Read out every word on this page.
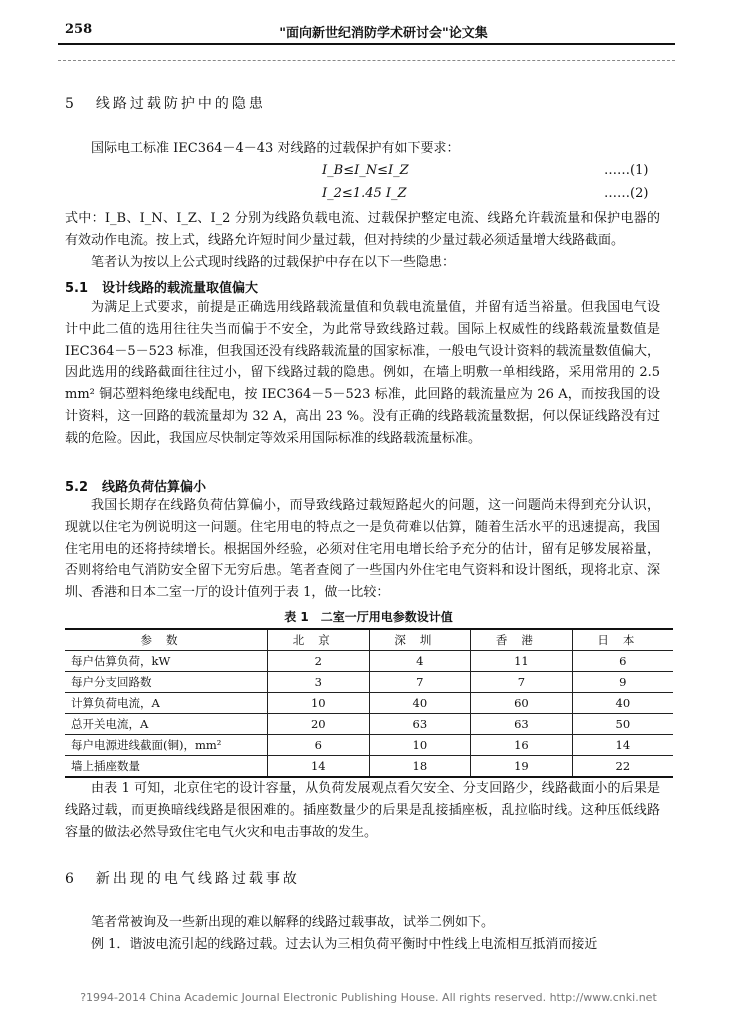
258	"面向新世纪消防学术研讨会"论文集
5 线路过载防护中的隐患
国际电工标准 IEC364－4－43 对线路的过载保护有如下要求：
I_B≤I_N≤I_Z	……(1)
I_2≤1.45 I_Z	……(2)
式中：I_B、I_N、I_Z、I_2 分别为线路负载电流、过载保护整定电流、线路允许载流量和保护电器的有效动作电流。按上式，线路允许短时间少量过载，但对持续的少量过载必须适量增大线路截面。
笔者认为按以上公式现时线路的过载保护中存在以下一些隐患：
5.1 设计线路的载流量取值偏大
为满足上式要求，前提是正确选用线路载流量值和负载电流量值，并留有适当裕量。但我国电气设计中此二值的选用往往失当而偏于不安全，为此常导致线路过载。国际上权威性的线路载流量数值是 IEC364－5－523 标准，但我国还没有线路载流量的国家标准，一般电气设计资料的载流量数值偏大，因此选用的线路截面往往过小，留下线路过载的隐患。例如，在墙上明敷一单相线路，采用常用的 2.5 mm² 铜芯塑料绝缘电线配电，按 IEC364－5－523 标准，此回路的载流量应为 26 A，而按我国的设计资料，这一回路的载流量却为 32 A，高出 23 %。没有正确的线路载流量数据，何以保证线路没有过载的危险。因此，我国应尽快制定等效采用国际标准的线路载流量标准。
5.2 线路负荷估算偏小
我国长期存在线路负荷估算偏小，而导致线路过载短路起火的问题，这一问题尚未得到充分认识，现就以住宅为例说明这一问题。住宅用电的特点之一是负荷难以估算，随着生活水平的迅速提高，我国住宅用电的还将持续增长。根据国外经验，必须对住宅用电增长给予充分的估计，留有足够发展裕量，否则将给电气消防安全留下无穷后患。笔者查阅了一些国内外住宅电气资料和设计图纸，现将北京、深圳、香港和日本二室一厅的设计值列于表 1，做一比较：
表 1　二室一厅用电参数设计值
参数	北京	深圳	香港	日本
每户估算负荷，kW	2	4	11	6
每户分支回路数	3	7	7	9
计算负荷电流，A	10	40	60	40
总开关电流，A	20	63	63	50
每户电源进线截面(铜)，mm²	6	10	16	14
墙上插座数量	14	18	19	22
由表 1 可知，北京住宅的设计容量，从负荷发展观点看欠安全、分支回路少，线路截面小的后果是线路过载，而更换暗线线路是很困难的。插座数量少的后果是乱接插座板，乱拉临时线。这种压低线路容量的做法必然导致住宅电气火灾和电击事故的发生。
6 新出现的电气线路过载事故
笔者常被询及一些新出现的难以解释的线路过载事故，试举二例如下。
例 1．谐波电流引起的线路过载。过去认为三相负荷平衡时中性线上电流相互抵消而接近
?1994-2014 China Academic Journal Electronic Publishing House. All rights reserved. http://www.cnki.net
